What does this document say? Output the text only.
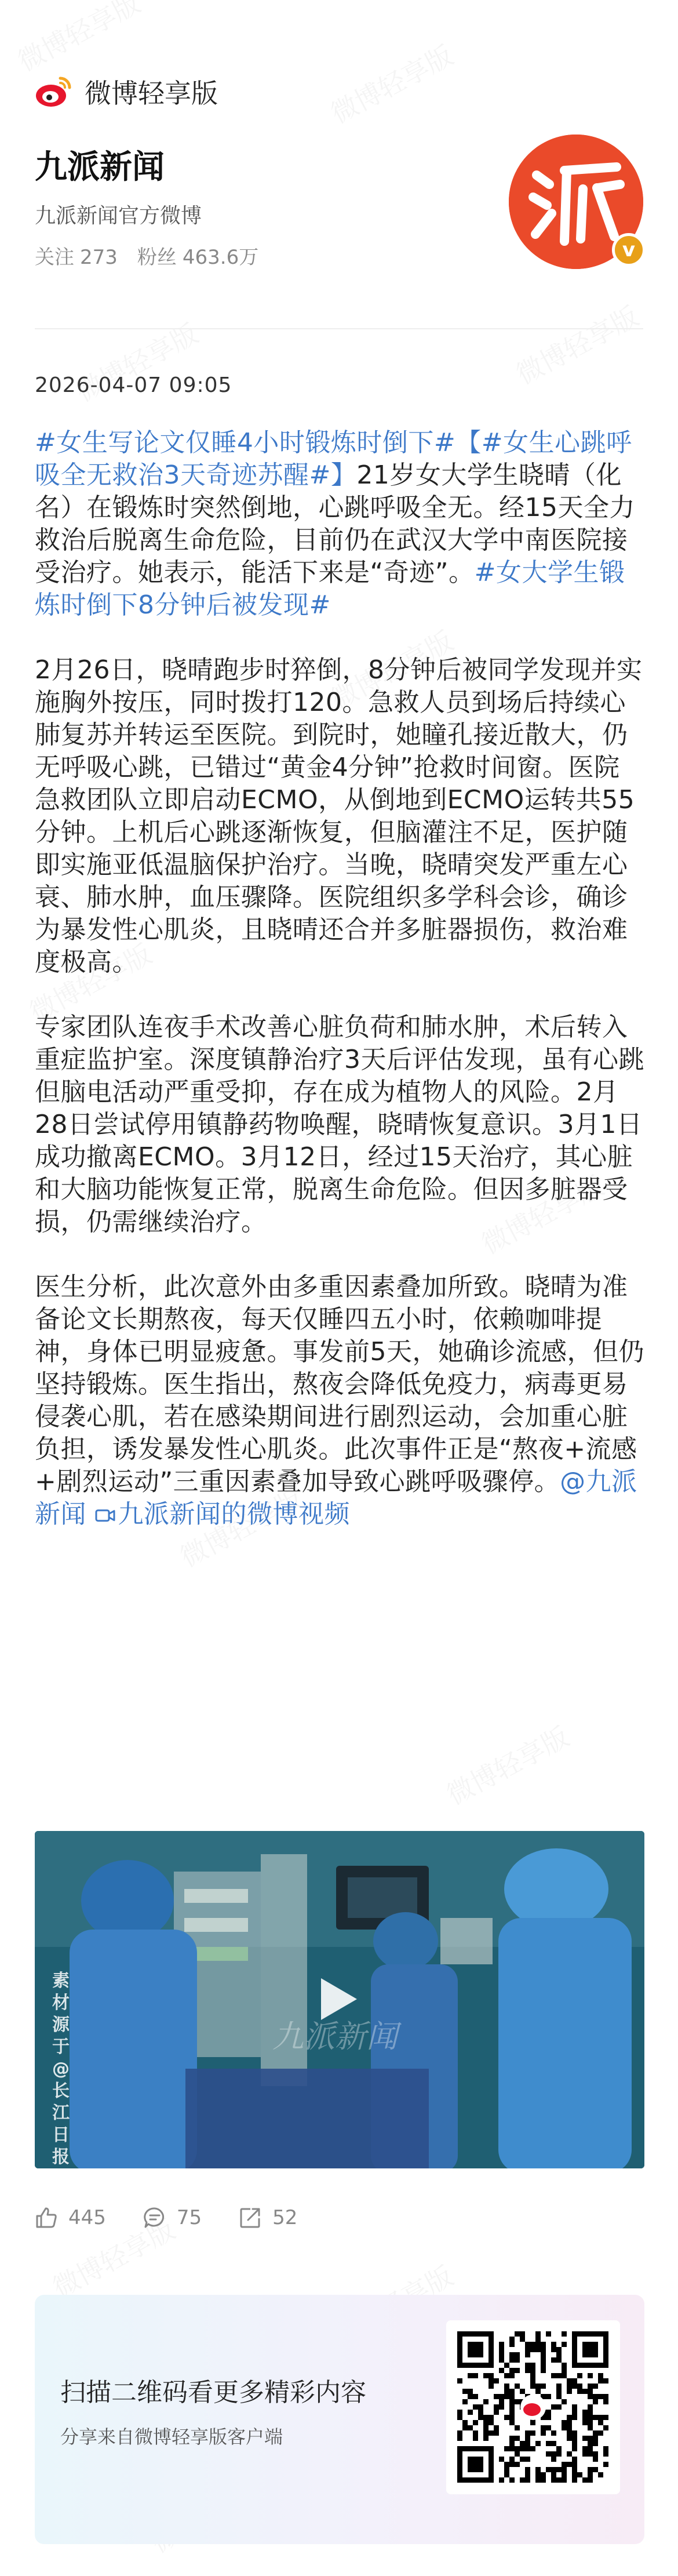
微博轻享版
九派新闻
九派新闻官方微博
关注 273 粉丝 463.6万	v
2026-04-07 09:05

#女生写论文仅睡4小时锻炼时倒下#【#女生心跳呼吸全无救治3天奇迹苏醒#】21岁女大学生晓晴（化名）在锻炼时突然倒地，心跳呼吸全无。经15天全力救治后脱离生命危险，目前仍在武汉大学中南医院接受治疗。她表示，能活下来是“奇迹”。#女大学生锻炼时倒下8分钟后被发现#

2月26日，晓晴跑步时猝倒，8分钟后被同学发现并实施胸外按压，同时拨打120。急救人员到场后持续心肺复苏并转运至医院。到院时，她瞳孔接近散大，仍无呼吸心跳，已错过“黄金4分钟”抢救时间窗。医院急救团队立即启动ECMO，从倒地到ECMO运转共55分钟。上机后心跳逐渐恢复，但脑灌注不足，医护随即实施亚低温脑保护治疗。当晚，晓晴突发严重左心衰、肺水肿，血压骤降。医院组织多学科会诊，确诊为暴发性心肌炎，且晓晴还合并多脏器损伤，救治难度极高。

专家团队连夜手术改善心脏负荷和肺水肿，术后转入重症监护室。深度镇静治疗3天后评估发现，虽有心跳但脑电活动严重受抑，存在成为植物人的风险。2月28日尝试停用镇静药物唤醒，晓晴恢复意识。3月1日成功撤离ECMO。3月12日，经过15天治疗，其心脏和大脑功能恢复正常，脱离生命危险。但因多脏器受损，仍需继续治疗。

医生分析，此次意外由多重因素叠加所致。晓晴为准备论文长期熬夜，每天仅睡四五小时，依赖咖啡提神，身体已明显疲惫。事发前5天，她确诊流感，但仍坚持锻炼。医生指出，熬夜会降低免疫力，病毒更易侵袭心肌，若在感染期间进行剧烈运动，会加重心脏负担，诱发暴发性心肌炎。此次事件正是“熬夜+流感+剧烈运动”三重因素叠加导致心跳呼吸骤停。@九派新闻 九派新闻的微博视频

素材源于@长江日报
九派新闻
445	75	52
扫描二维码看更多精彩内容
分享来自微博轻享版客户端
